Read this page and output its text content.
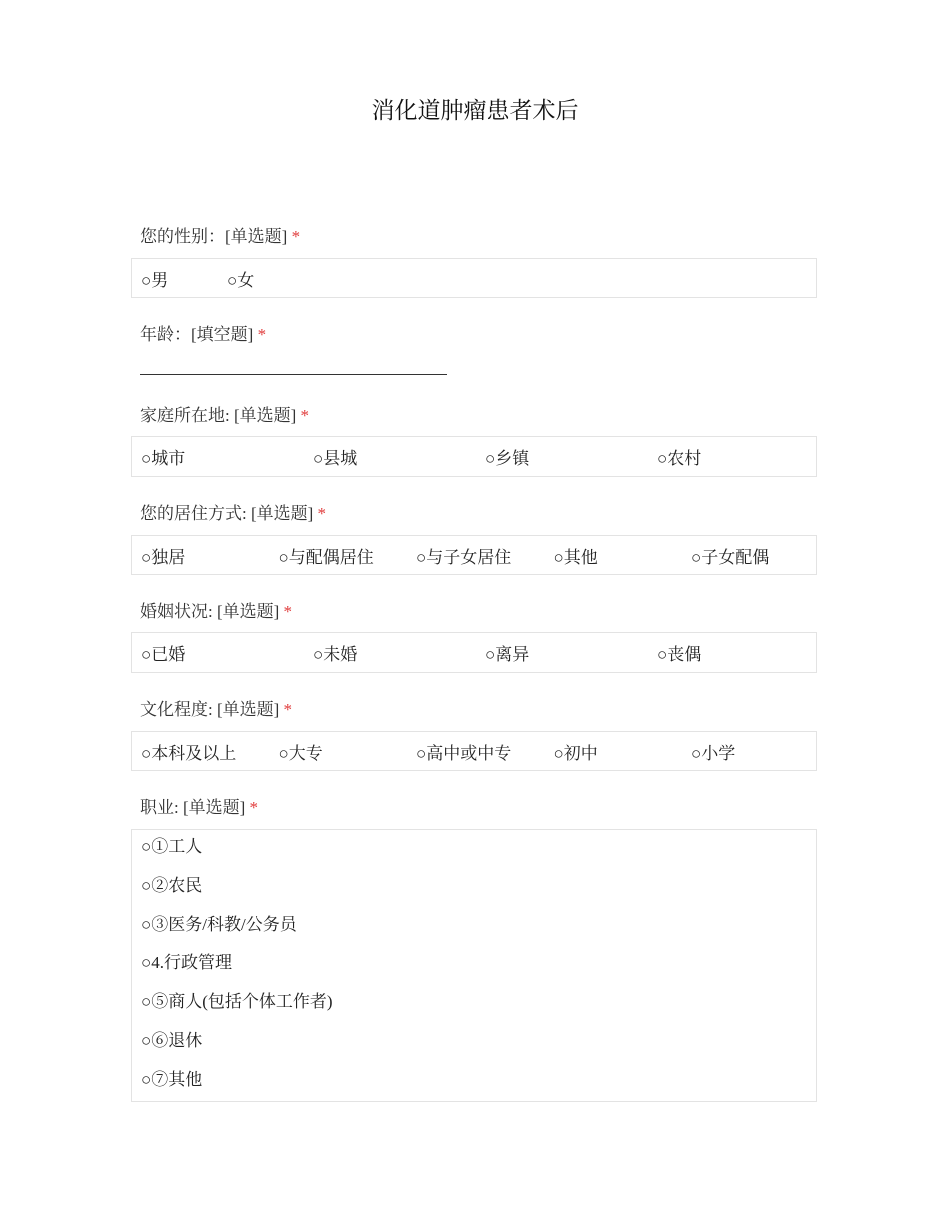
消化道肿瘤患者术后
您的性别：[单选题] *
○男	○女
年龄：[填空题] *
家庭所在地: [单选题] *
○城市	○县城	○乡镇	○农村
您的居住方式: [单选题] *
○独居	○与配偶居住	○与子女居住	○其他	○子女配偶
婚姻状况: [单选题] *
○已婚	○未婚	○离异	○丧偶
文化程度: [单选题] *
○本科及以上	○大专	○高中或中专	○初中	○小学
职业: [单选题] *
○①工人
○②农民
○③医务/科教/公务员
○4.行政管理
○⑤商人(包括个体工作者)
○⑥退休
○⑦其他
